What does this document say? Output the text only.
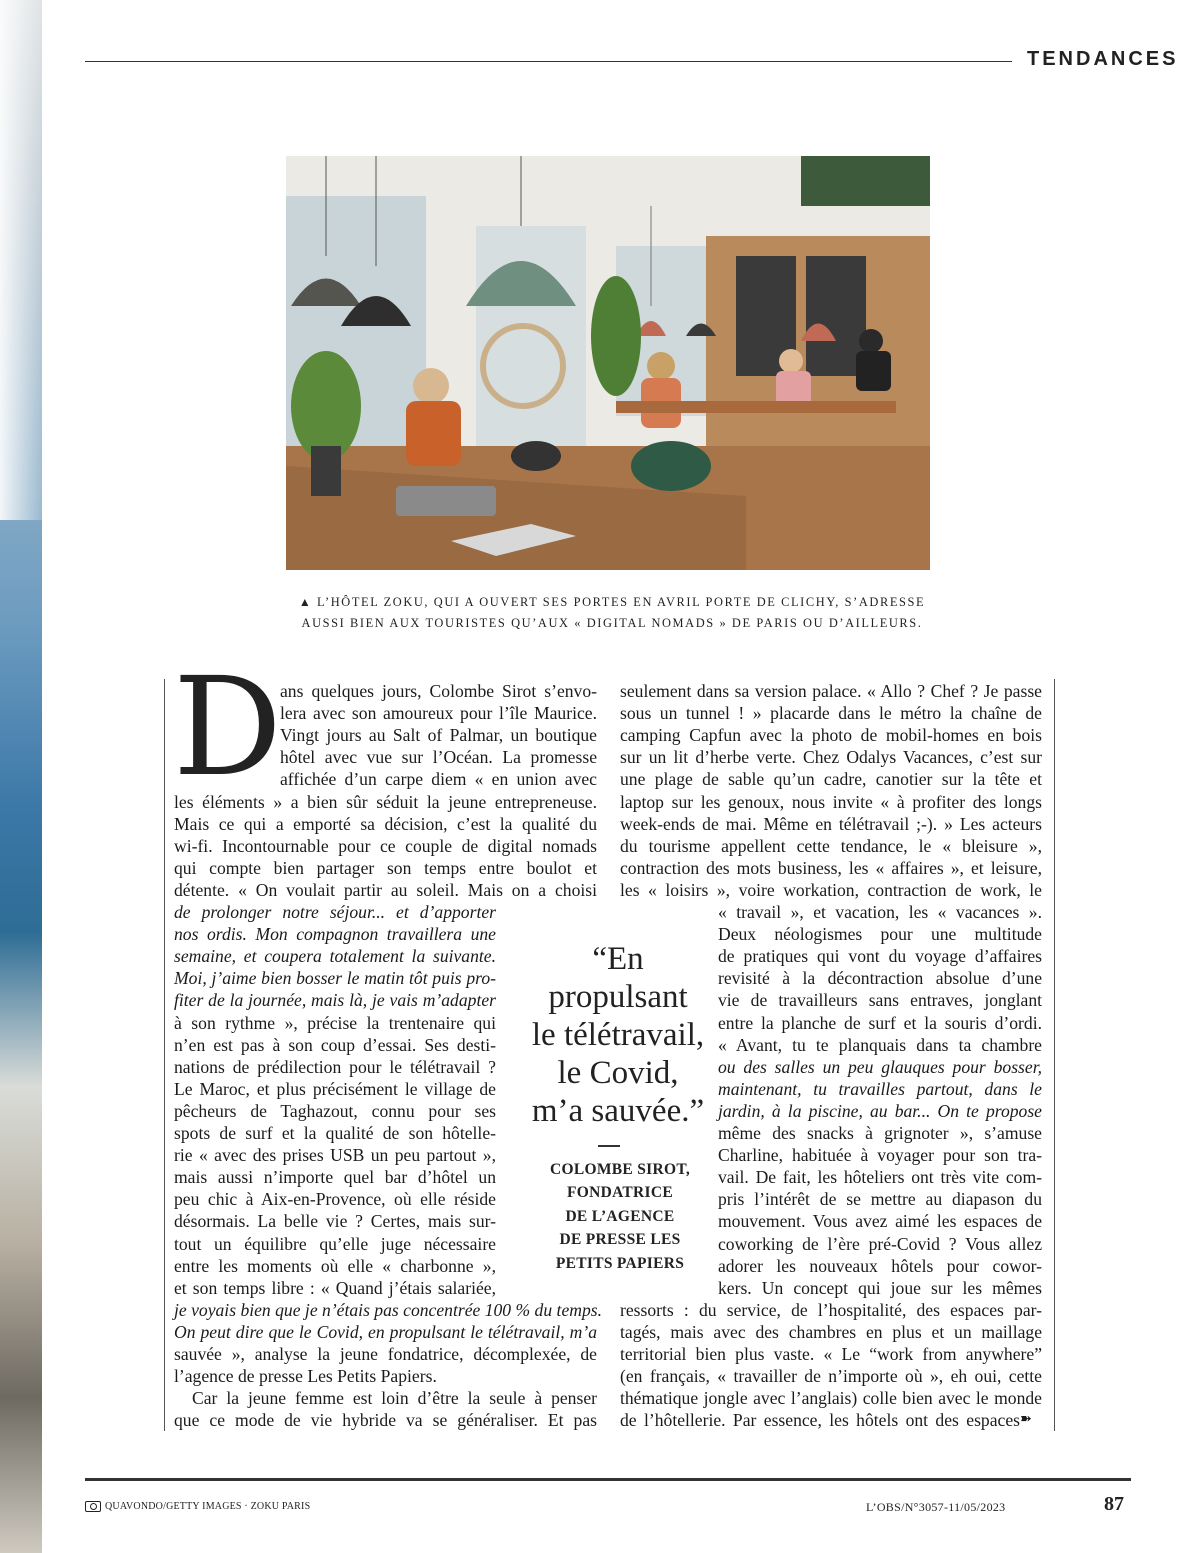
TENDANCES
▲ L’HÔTEL ZOKU, QUI A OUVERT SES PORTES EN AVRIL PORTE DE CLICHY, S’ADRESSE
AUSSI BIEN AUX TOURISTES QU’AUX « DIGITAL NOMADS » DE PARIS OU D’AILLEURS.
D
ans quelques jours, Colombe Sirot s’envo-
lera avec son amoureux pour l’île Maurice.
Vingt jours au Salt of Palmar, un boutique
hôtel avec vue sur l’Océan. La promesse
affichée d’un carpe diem « en union avec
les éléments » a bien sûr séduit la jeune entrepreneuse.
Mais ce qui a emporté sa décision, c’est la qualité du
wi-fi. Incontournable pour ce couple de digital nomads
qui compte bien partager son temps entre boulot et
détente. « On voulait partir au soleil. Mais on a choisi
de prolonger notre séjour... et d’apporter
nos ordis. Mon compagnon travaillera une
semaine, et coupera totalement la suivante.
Moi, j’aime bien bosser le matin tôt puis pro-
fiter de la journée, mais là, je vais m’adapter
à son rythme », précise la trentenaire qui
n’en est pas à son coup d’essai. Ses desti-
nations de prédilection pour le télétravail ?
Le Maroc, et plus précisément le village de
pêcheurs de Taghazout, connu pour ses
spots de surf et la qualité de son hôtelle-
rie « avec des prises USB un peu partout »,
mais aussi n’importe quel bar d’hôtel un
peu chic à Aix-en-Provence, où elle réside
désormais. La belle vie ? Certes, mais sur-
tout un équilibre qu’elle juge nécessaire
entre les moments où elle « charbonne »,
et son temps libre : « Quand j’étais salariée,
je voyais bien que je n’étais pas concentrée 100 % du temps.
On peut dire que le Covid, en propulsant le télétravail, m’a
sauvée », analyse la jeune fondatrice, décomplexée, de
l’agence de presse Les Petits Papiers.
Car la jeune femme est loin d’être la seule à penser
que ce mode de vie hybride va se généraliser. Et pas
seulement dans sa version palace. « Allo ? Chef ? Je passe
sous un tunnel ! » placarde dans le métro la chaîne de
camping Capfun avec la photo de mobil-homes en bois
sur un lit d’herbe verte. Chez Odalys Vacances, c’est sur
une plage de sable qu’un cadre, canotier sur la tête et
laptop sur les genoux, nous invite « à profiter des longs
week-ends de mai. Même en télétravail ;-). » Les acteurs
du tourisme appellent cette tendance, le « bleisure »,
contraction des mots business, les « affaires », et leisure,
les « loisirs », voire workation, contraction de work, le
« travail », et vacation, les « vacances ».
Deux néologismes pour une multitude
de pratiques qui vont du voyage d’affaires
revisité à la décontraction absolue d’une
vie de travailleurs sans entraves, jonglant
entre la planche de surf et la souris d’ordi.
« Avant, tu te planquais dans ta chambre
ou des salles un peu glauques pour bosser,
maintenant, tu travailles partout, dans le
jardin, à la piscine, au bar... On te propose
même des snacks à grignoter », s’amuse
Charline, habituée à voyager pour son tra-
vail. De fait, les hôteliers ont très vite com-
pris l’intérêt de se mettre au diapason du
mouvement. Vous avez aimé les espaces de
coworking de l’ère pré-Covid ? Vous allez
adorer les nouveaux hôtels pour cowor-
kers. Un concept qui joue sur les mêmes
ressorts : du service, de l’hospitalité, des espaces par-
tagés, mais avec des chambres en plus et un maillage
territorial bien plus vaste. « Le “work from anywhere”
(en français, « travailler de n’importe où », eh oui, cette
thématique jongle avec l’anglais) colle bien avec le monde
de l’hôtellerie. Par essence, les hôtels ont des espaces ➽
“En
propulsant
le télétravail,
le Covid,
m’a sauvée.”
COLOMBE SIROT,
FONDATRICE
DE L’AGENCE
DE PRESSE LES
PETITS PAPIERS
QUAVONDO/GETTY IMAGES · ZOKU PARIS	L’OBS/N°3057-11/05/2023	87
